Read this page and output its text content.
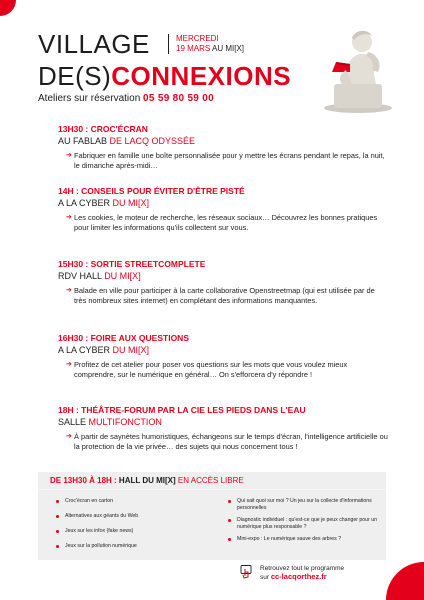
VILLAGE
DE(S)CONNEXIONS
MERCREDI
19 MARS AU MI[X]
Ateliers sur réservation 05 59 80 59 00
13H30 : CROC'ÉCRAN
AU FABLAB DE LACQ ODYSSÉE
➔ Fabriquer en famille une boîte personnalisée pour y mettre les écrans pendant le repas, la nuit, le dimanche après-midi…
14H : CONSEILS POUR ÉVITER D'ÊTRE PISTÉ
A LA CYBER DU MI[X]
➔ Les cookies, le moteur de recherche, les réseaux sociaux… Découvrez les bonnes pratiques pour limiter les informations qu'ils collectent sur vous.
15H30 : SORTIE STREETCOMPLETE
RDV HALL DU MI[X]
➔ Balade en ville pour participer à la carte collaborative Openstreetmap (qui est utilisée par de très nombreux sites internet) en complétant des informations manquantes.
16H30 : FOIRE AUX QUESTIONS
A LA CYBER DU MI[X]
➔ Profitez de cet atelier pour poser vos questions sur les mots que vous voulez mieux comprendre, sur le numérique en général… On s'efforcera d'y répondre !
18H : THÉÂTRE-FORUM PAR LA CIE LES PIEDS DANS L'EAU
SALLE MULTIFONCTION
➔ À partir de saynètes humoristiques, échangeons sur le temps d'écran, l'intelligence artificielle ou la protection de la vie privée… des sujets qui nous concernent tous !
DE 13H30 À 18H : HALL DU MI[X] EN ACCÈS LIBRE
Croc'écran en carton
Alternatives aux géants du Web
Jeux sur les infox (fake news)
Jeux sur la pollution numérique
Qui sait quoi sur moi ? Un jeu sur la collecte d'informations personnelles
Diagnostic individuel : qu'est-ce que je peux changer pour un numérique plus responsable ?
Mini-expo : Le numérique sauve des arbres ?
Retrouvez tout le programme
sur cc-lacqorthez.fr
